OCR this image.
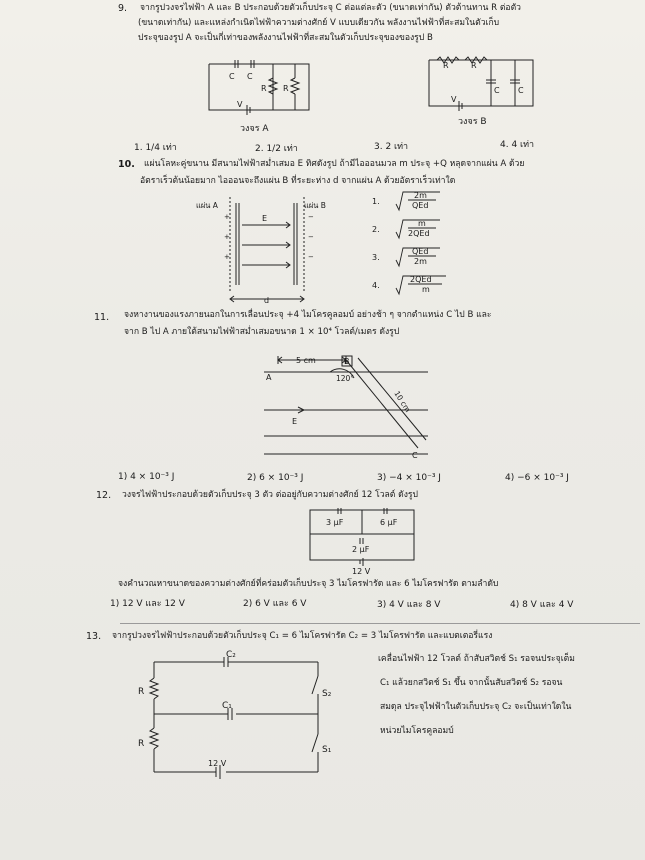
9. จากรูปวงจรไฟฟ้า A และ B ประกอบด้วยตัวเก็บประจุ C ต่อแต่ละตัว (ขนาดเท่ากัน) ตัวต้านทาน R ต่อตัว
(ขนาดเท่ากัน) และแหล่งกำเนิดไฟฟ้าความต่างศักย์ V แบบเดียวกัน พลังงานไฟฟ้าที่สะสมในตัวเก็บ
ประจุของรูป A จะเป็นกี่เท่าของพลังงานไฟฟ้าที่สะสมในตัวเก็บประจุของของรูป B
C C
R R
V
วงจร A
R	R
C C
V
วงจร B
1. 1/4 เท่า	2. 1/2 เท่า	3. 2 เท่า	4. 4 เท่า
10. แผ่นโลหะคู่ขนาน มีสนามไฟฟ้าสม่ำเสมอ E ทิศดังรูป ถ้ามีไอออนมวล m ประจุ +Q หลุดจากแผ่น A ด้วย
อัตราเร็วต้นน้อยมาก ไอออนจะถึงแผ่น B ที่ระยะห่าง d จากแผ่น A ด้วยอัตราเร็วเท่าใด
แผ่น A	แผ่น B
E
d
+
+
+
−
−
−
1.
2m
QEd
2.
m
2QEd
3.
QEd
2m
4.
2QEd
m
11. จงหางานของแรงภายนอกในการเลื่อนประจุ +4 ไมโครคูลอมบ์ อย่างช้า ๆ จากตำแหน่ง C ไป B และ
จาก B ไป A ภายใต้สนามไฟฟ้าสม่ำเสมอขนาด 1 × 10⁴ โวลต์/เมตร ดังรูป
5 cm	B
A	120°
10 cm
E
C
1) 4 × 10⁻³ J	2) 6 × 10⁻³ J	3) −4 × 10⁻³ J	4) −6 × 10⁻³ J
12. วงจรไฟฟ้าประกอบด้วยตัวเก็บประจุ 3 ตัว ต่ออยู่กับความต่างศักย์ 12 โวลต์ ดังรูป
3 μF	6 μF
2 μF
12 V
จงคำนวณหาขนาดของความต่างศักย์ที่คร่อมตัวเก็บประจุ 3 ไมโครฟารัด และ 6 ไมโครฟารัด ตามลำดับ
1) 12 V และ 12 V	2) 6 V และ 6 V	3) 4 V และ 8 V	4) 8 V และ 4 V
13. จากรูปวงจรไฟฟ้าประกอบด้วยตัวเก็บประจุ C₁ = 6 ไมโครฟารัด C₂ = 3 ไมโครฟารัด และแบตเตอรี่แรง
เคลื่อนไฟฟ้า 12 โวลต์ ถ้าสับสวิตช์ S₁ รอจนประจุเต็ม
C₁ แล้วยกสวิตช์ S₁ ขึ้น จากนั้นสับสวิตช์ S₂ รอจน
สมดุล ประจุไฟฟ้าในตัวเก็บประจุ C₂ จะเป็นเท่าใดใน
หน่วยไมโครคูลอมบ์
C₂
C₁
R
R
S₂
S₁
12 V
